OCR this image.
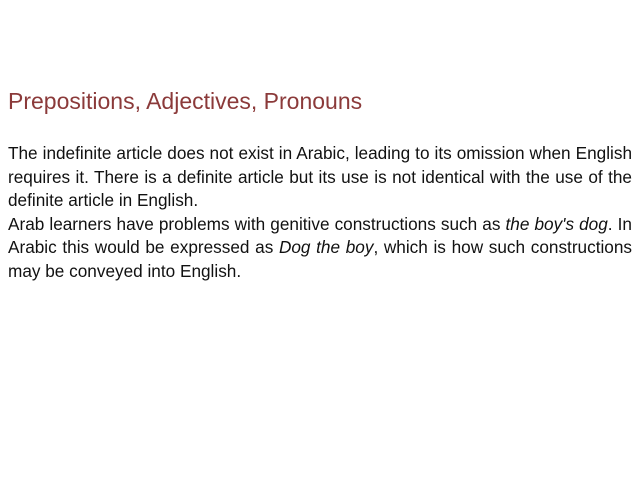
Prepositions, Adjectives, Pronouns

The indefinite article does not exist in Arabic, leading to its omission when English requires it. There is a definite article but its use is not identical with the use of the definite article in English.

Arab learners have problems with genitive constructions such as the boy's dog. In Arabic this would be expressed as Dog the boy, which is how such constructions may be conveyed into English.
